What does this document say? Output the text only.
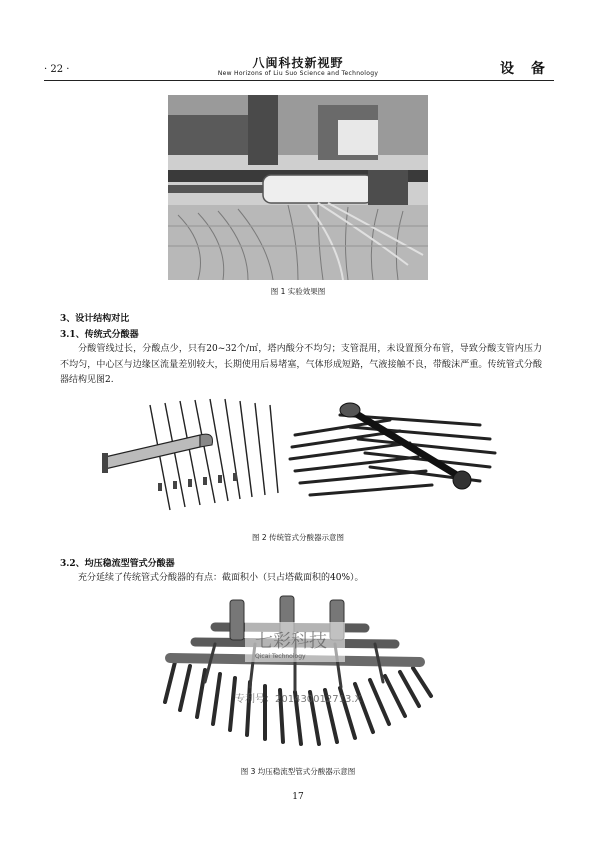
· 22 ·	八闽科技新视野
New Horizons of Liu Suo Science and Technology	设 备
图 1 实验效果图
3、设计结构对比
3.1、传统式分酸器

分酸管线过长，分酸点少，只有20~32个/㎡，塔内酸分不均匀；支管混用，未设置预分布管，导致分酸支管内压力不均匀，中心区与边缘区流量差别较大，长期使用后易堵塞，气体形成短路，气液接触不良，带酸沫严重。传统管式分酸器结构见图2.

图 2 传统管式分酸器示意图
3.2、均压稳流型管式分酸器

充分延续了传统管式分酸器的有点：截面积小（只占塔截面积的40%）。

七彩科技
Qicai Technology
专利号：201430012713.X
图 3 均压稳流型管式分酸器示意图
17
